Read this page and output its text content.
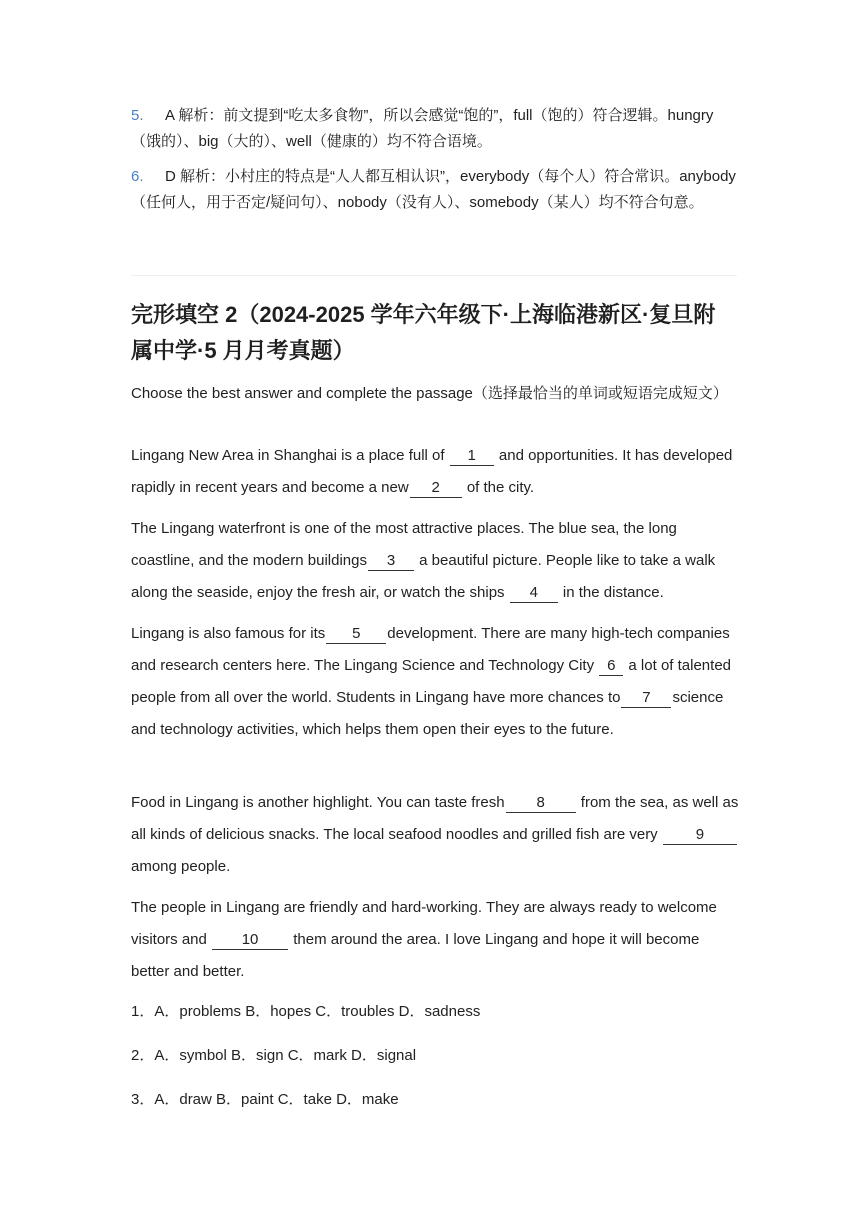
5. A 解析：前文提到“吃太多食物”，所以会感觉“饱的”，full（饱的）符合逻辑。hungry（饿的）、big（大的）、well（健康的）均不符合语境。

6. D 解析：小村庄的特点是“人人都互相认识”，everybody（每个人）符合常识。anybody（任何人，用于否定/疑问句）、nobody（没有人）、somebody（某人）均不符合句意。

完形填空 2（2024-2025 学年六年级下·上海临港新区·复旦附属中学·5 月月考真题）

Choose the best answer and complete the passage（选择最恰当的单词或短语完成短文）

Lingang New Area in Shanghai is a place full of 1 and opportunities. It has developed rapidly in recent years and become a new 2 of the city.

The Lingang waterfront is one of the most attractive places. The blue sea, the long coastline, and the modern buildings 3 a beautiful picture. People like to take a walk along the seaside, enjoy the fresh air, or watch the ships 4 in the distance.

Lingang is also famous for its 5 development. There are many high-tech companies and research centers here. The Lingang Science and Technology City 6 a lot of talented people from all over the world. Students in Lingang have more chances to 7 science and technology activities, which helps them open their eyes to the future.

Food in Lingang is another highlight. You can taste fresh 8 from the sea, as well as all kinds of delicious snacks. The local seafood noodles and grilled fish are very	9 among people.

The people in Lingang are friendly and hard-working. They are always ready to welcome visitors and 10 them around the area. I love Lingang and hope it will become better and better.

1．A．problems B．hopes C．troubles D．sadness

2．A．symbol B．sign C．mark D．signal

3．A．draw B．paint C．take D．make
